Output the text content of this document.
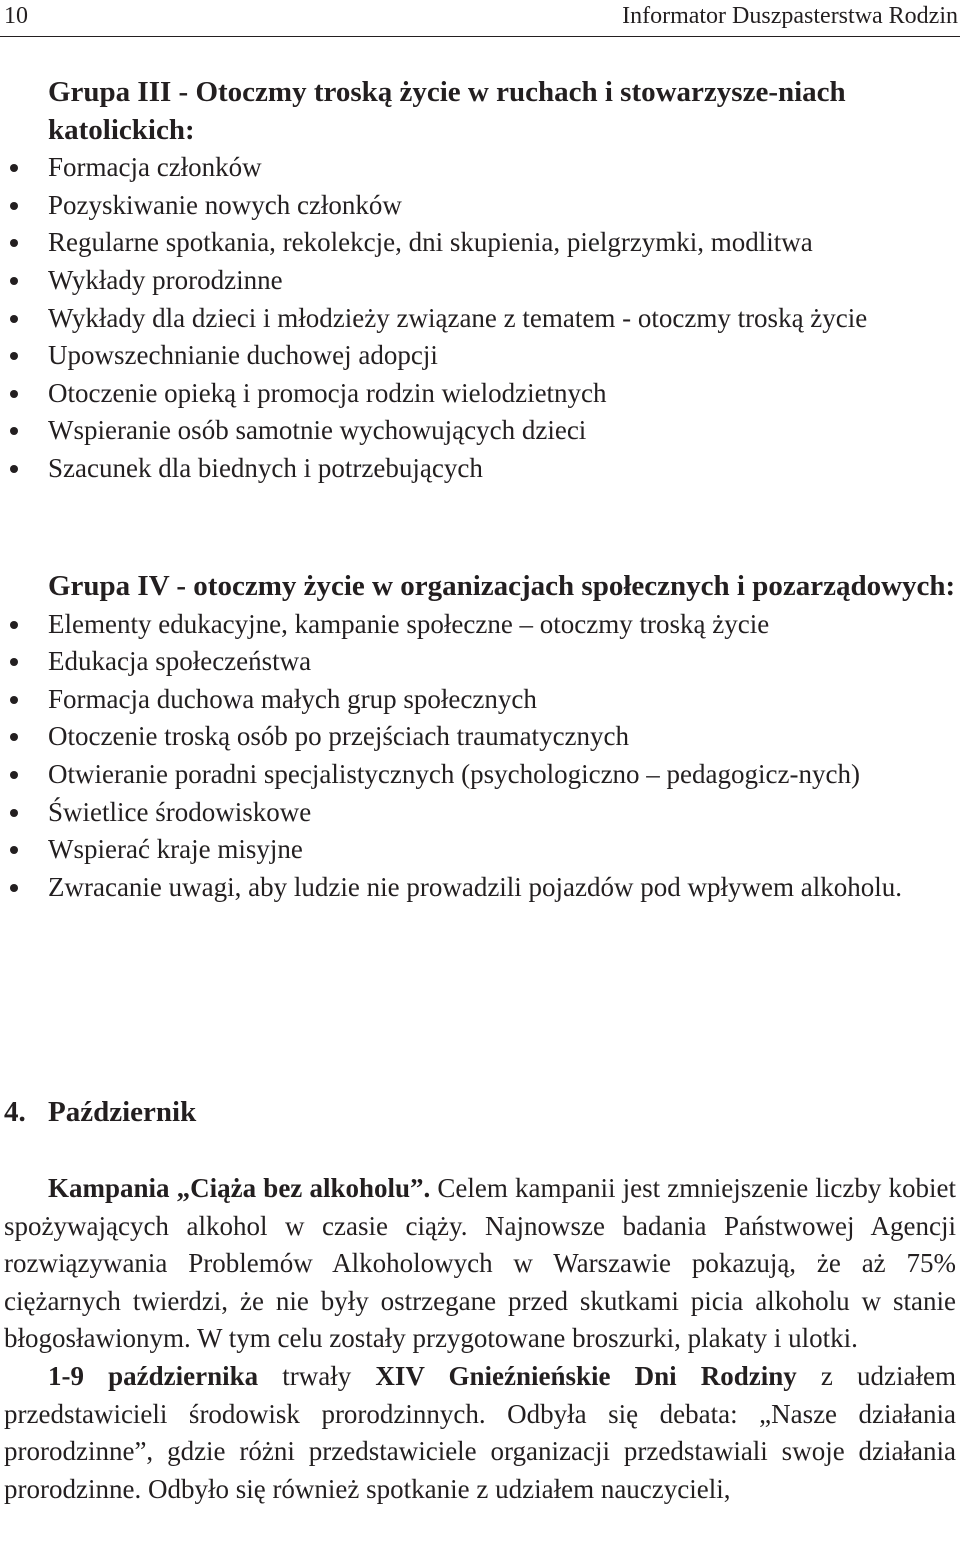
10	Informator Duszpasterstwa Rodzin
Grupa III - Otoczmy troską życie w ruchach i stowarzysze-niach katolickich:
Formacja członków
Pozyskiwanie nowych członków
Regularne spotkania, rekolekcje, dni skupienia, pielgrzymki, modlitwa
Wykłady prorodzinne
Wykłady dla dzieci i młodzieży związane z tematem - otoczmy troską życie
Upowszechnianie duchowej adopcji
Otoczenie opieką i promocja rodzin wielodzietnych
Wspieranie osób samotnie wychowujących dzieci
Szacunek dla biednych i potrzebujących
Grupa IV - otoczmy życie w organizacjach społecznych i pozarządowych:
Elementy edukacyjne, kampanie społeczne – otoczmy troską życie
Edukacja społeczeństwa
Formacja duchowa małych grup społecznych
Otoczenie troską osób po przejściach traumatycznych
Otwieranie poradni specjalistycznych (psychologiczno – pedagogicz-nych)
Świetlice środowiskowe
Wspierać kraje misyjne
Zwracanie uwagi, aby ludzie nie prowadzili pojazdów pod wpływem alkoholu.
4. Październik

Kampania „Ciąża bez alkoholu”. Celem kampanii jest zmniejszenie liczby kobiet spożywających alkohol w czasie ciąży. Najnowsze badania Państwowej Agencji rozwiązywania Problemów Alkoholowych w Warszawie pokazują, że aż 75% ciężarnych twierdzi, że nie były ostrzegane przed skutkami picia alkoholu w stanie błogosławionym. W tym celu zostały przygotowane broszurki, plakaty i ulotki.

1-9 października trwały XIV Gnieźnieńskie Dni Rodziny z udziałem przedstawicieli środowisk prorodzinnych. Odbyła się debata: „Nasze działania prorodzinne”, gdzie różni przedstawiciele organizacji przedstawiali swoje działania prorodzinne. Odbyło się również spotkanie z udziałem nauczycieli,
